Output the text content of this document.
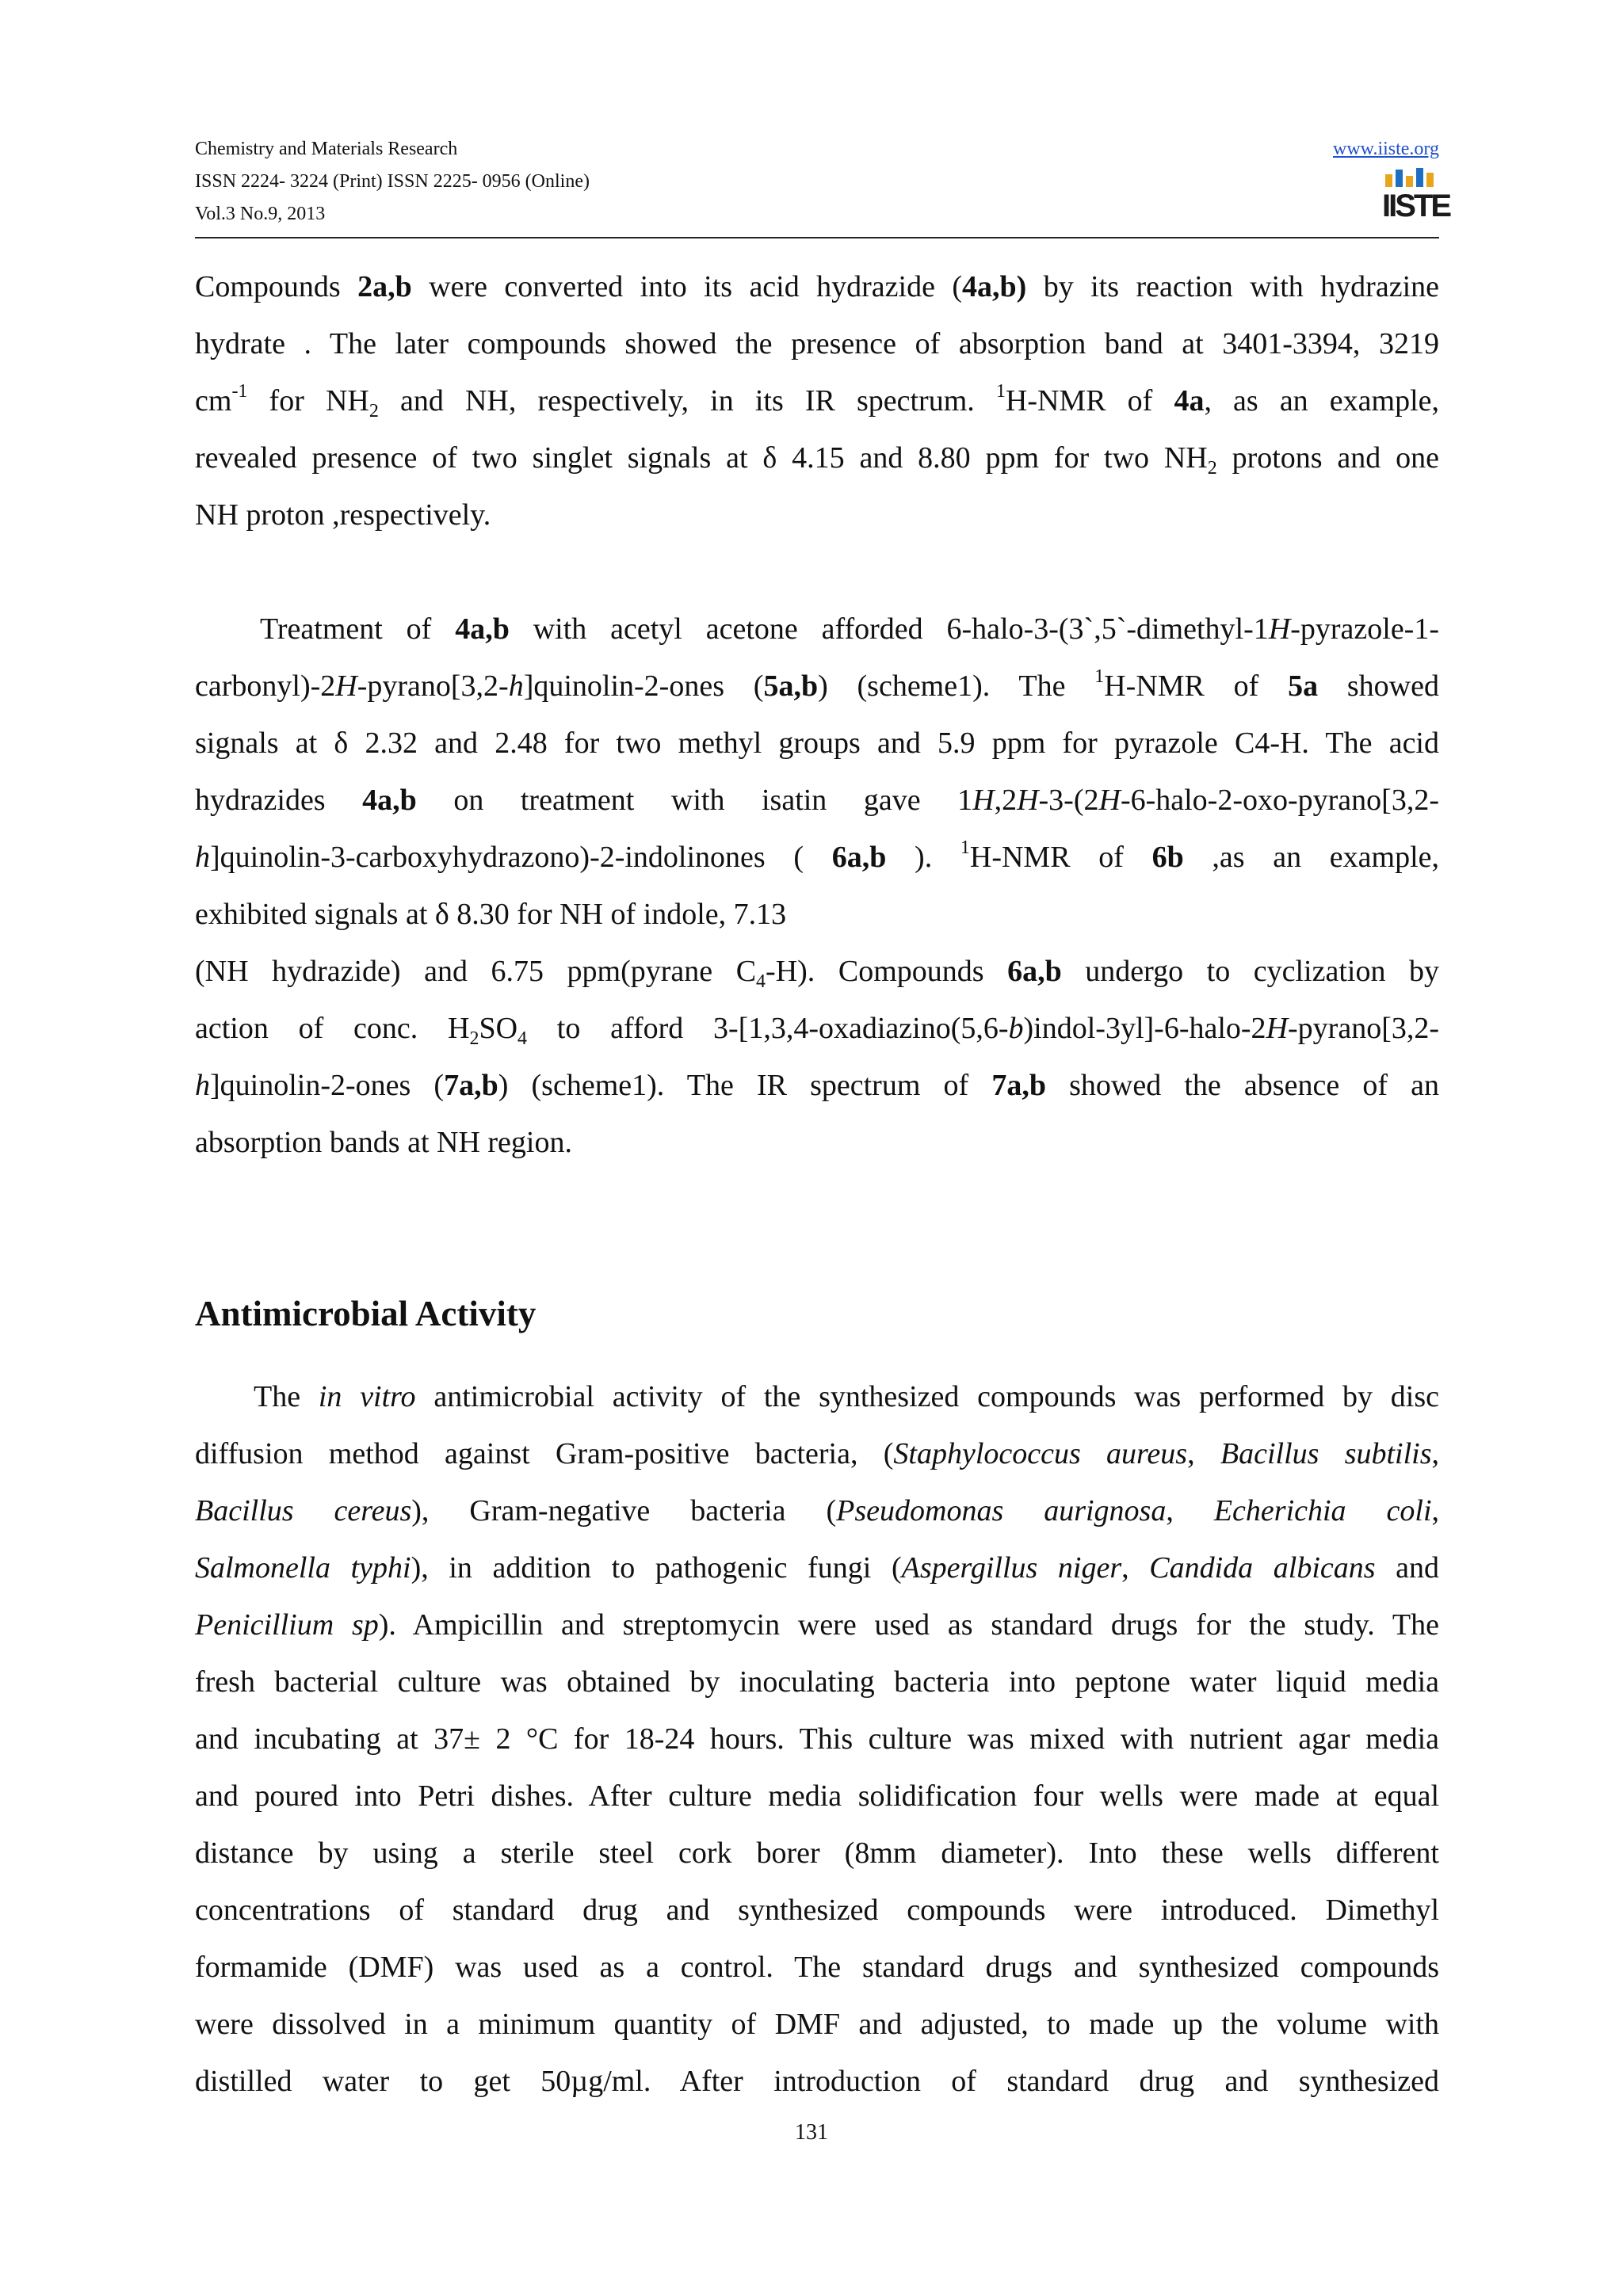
Chemistry and Materials Research
ISSN 2224- 3224 (Print) ISSN 2225- 0956 (Online)
Vol.3 No.9, 2013
www.iiste.org
IISTE
Compounds 2a,b were converted into its acid hydrazide (4a,b) by its reaction with hydrazine
hydrate . The later compounds showed the presence of absorption band at 3401-3394, 3219
$cm^{-1}$ for $NH_2$ and NH, respectively, in its IR spectrum. $^1$H-NMR of 4a, as an example,
revealed presence of two singlet signals at δ 4.15 and 8.80 ppm for two $NH_2$ protons and one
NH proton ,respectively.
Treatment of 4a,b with acetyl acetone afforded 6-halo-3-(3`,5`-dimethyl-1H-pyrazole-1-
carbonyl)-2H-pyrano[3,2-h]quinolin-2-ones (5a,b) (scheme1). The $^1$H-NMR of 5a showed
signals at δ 2.32 and 2.48 for two methyl groups and 5.9 ppm for pyrazole C4-H. The acid
hydrazides 4a,b on treatment with isatin gave 1H,2H-3-(2H-6-halo-2-oxo-pyrano[3,2-
h]quinolin-3-carboxyhydrazono)-2-indolinones ( 6a,b ). $^1$H-NMR of 6b ,as an example,
exhibited signals at δ 8.30 for NH of indole, 7.13
(NH hydrazide) and 6.75 ppm(pyrane $C_4-H$). Compounds 6a,b undergo to cyclization by
action of conc. $H_2SO_4$ to afford 3-[1,3,4-oxadiazino(5,6-b)indol-3yl]-6-halo-2H-pyrano[3,2-
h]quinolin-2-ones (7a,b) (scheme1). The IR spectrum of 7a,b showed the absence of an
absorption bands at NH region.
Antimicrobial Activity
The in vitro antimicrobial activity of the synthesized compounds was performed by disc
diffusion method against Gram-positive bacteria, (Staphylococcus aureus, Bacillus subtilis,
Bacillus cereus), Gram-negative bacteria (Pseudomonas aurignosa, Echerichia coli,
Salmonella typhi), in addition to pathogenic fungi (Aspergillus niger, Candida albicans and
Penicillium sp). Ampicillin and streptomycin were used as standard drugs for the study. The
fresh bacterial culture was obtained by inoculating bacteria into peptone water liquid media
and incubating at 37± 2 °C for 18-24 hours. This culture was mixed with nutrient agar media
and poured into Petri dishes. After culture media solidification four wells were made at equal
distance by using a sterile steel cork borer (8mm diameter). Into these wells different
concentrations of standard drug and synthesized compounds were introduced. Dimethyl
formamide (DMF) was used as a control. The standard drugs and synthesized compounds
were dissolved in a minimum quantity of DMF and adjusted, to made up the volume with
distilled water to get 50µg/ml. After introduction of standard drug and synthesized
131
